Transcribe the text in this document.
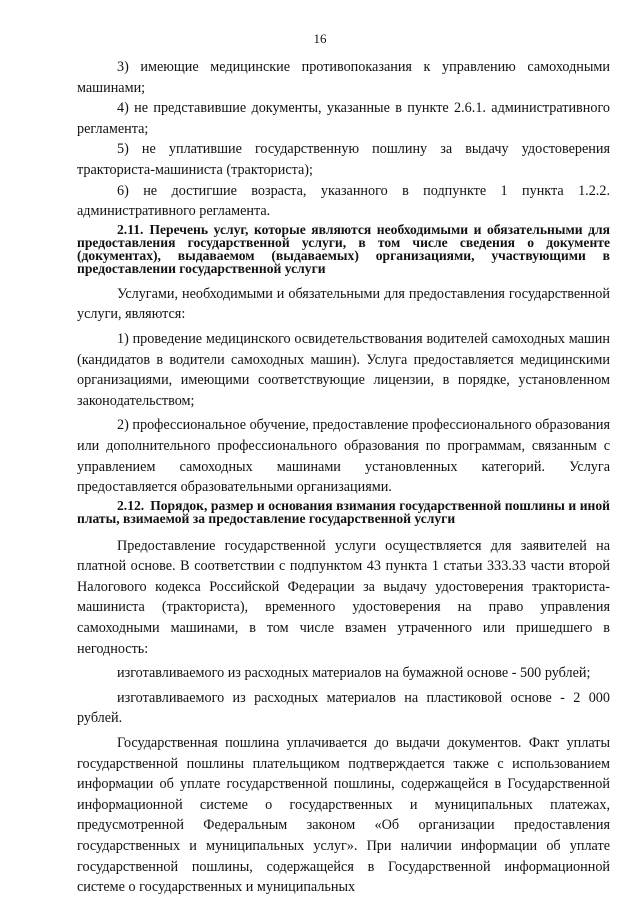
16

3) имеющие медицинские противопоказания к управлению самоходными машинами;

4) не представившие документы, указанные в пункте 2.6.1. административного регламента;

5) не уплатившие государственную пошлину за выдачу удостоверения тракториста-машиниста (тракториста);

6) не достигшие возраста, указанного в подпункте 1 пункта 1.2.2. административного регламента.

2.11. Перечень услуг, которые являются необходимыми и обязательными для предоставления государственной услуги, в том числе сведения о документе (документах), выдаваемом (выдаваемых) организациями, участвующими в предоставлении государственной услуги

Услугами, необходимыми и обязательными для предоставления государственной услуги, являются:

1) проведение медицинского освидетельствования водителей самоходных машин (кандидатов в водители самоходных машин). Услуга предоставляется медицинскими организациями, имеющими соответствующие лицензии, в порядке, установленном законодательством;

2) профессиональное обучение, предоставление профессионального образования или дополнительного профессионального образования по программам, связанным с управлением самоходных машинами установленных категорий. Услуга предоставляется образовательными организациями.

2.12. Порядок, размер и основания взимания государственной пошлины и иной платы, взимаемой за предоставление государственной услуги

Предоставление государственной услуги осуществляется для заявителей на платной основе. В соответствии с подпунктом 43 пункта 1 статьи 333.33 части второй Налогового кодекса Российской Федерации за выдачу удостоверения тракториста-машиниста (тракториста), временного удостоверения на право управления самоходными машинами, в том числе взамен утраченного или пришедшего в негодность:

изготавливаемого из расходных материалов на бумажной основе - 500 рублей;

изготавливаемого из расходных материалов на пластиковой основе - 2 000 рублей.

Государственная пошлина уплачивается до выдачи документов. Факт уплаты государственной пошлины плательщиком подтверждается также с использованием информации об уплате государственной пошлины, содержащейся в Государственной информационной системе о государственных и муниципальных платежах, предусмотренной Федеральным законом «Об организации предоставления государственных и муниципальных услуг». При наличии информации об уплате государственной пошлины, содержащейся в Государственной информационной системе о государственных и муниципальных
